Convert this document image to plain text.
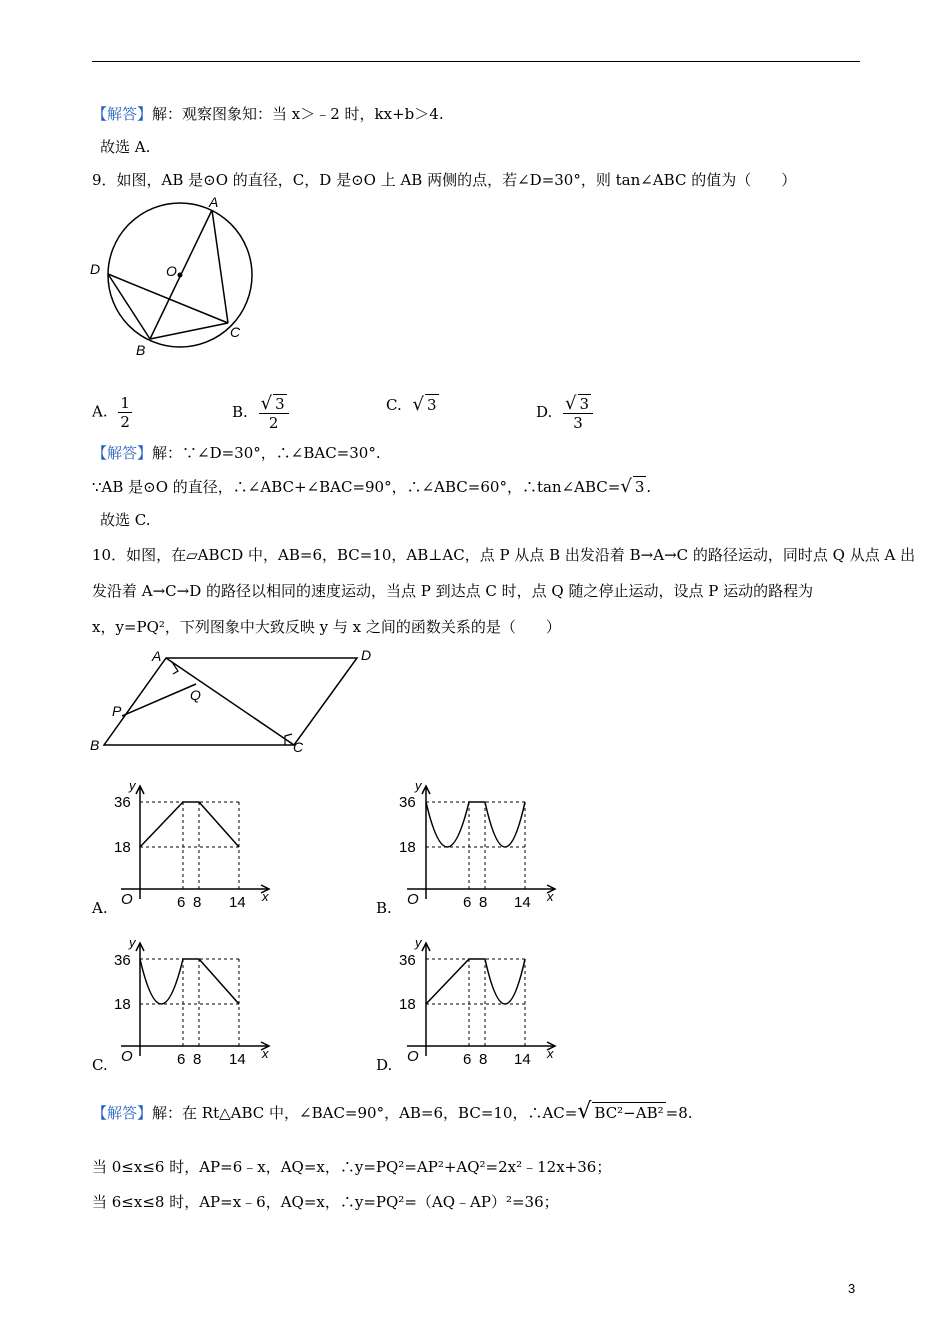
【解答】解：观察图象知：当 x＞﹣2 时，kx+b＞4.
故选 A.
9．如图，AB 是⊙O 的直径，C，D 是⊙O 上 AB 两侧的点，若∠D=30°，则 tan∠ABC 的值为（　　）
A
D	O
B
C
A. $\frac{1}{2}$	B. $\frac{√ 3}{2}$	C. √ 3	D. $\frac{√ 3}{3}$
【解答】解：∵∠D=30°，∴∠BAC=30°.
∵AB 是⊙O 的直径，∴∠ABC+∠BAC=90°，∴∠ABC=60°，∴tan∠ABC=√ 3 .
故选 C.
10．如图，在▱ABCD 中，AB=6，BC=10，AB⊥AC，点 P 从点 B 出发沿着 B→A→C 的路径运动，同时点 Q 从点 A 出
发沿着 A→C→D 的路径以相同的速度运动，当点 P 到达点 C 时，点 Q 随之停止运动，设点 P 运动的路程为
x，y=PQ²，下列图象中大致反映 y 与 x 之间的函数关系的是（　　）
A	D
P
Q
B	C
y
36
18
O	6 8 14 x
y
36
18
O	6 8 14 x
y
36
18
O	6 8 14 x
y
36
18
O	6 8 14 x
A.	B.
C.	D.
【解答】解：在 Rt△ABC 中，∠BAC=90°，AB=6，BC=10，∴AC=√ BC²−AB² =8.
当 0≤x≤6 时，AP=6﹣x，AQ=x，∴y=PQ²=AP²+AQ²=2x²﹣12x+36；
当 6≤x≤8 时，AP=x﹣6，AQ=x，∴y=PQ²=（AQ﹣AP）²=36；
3
